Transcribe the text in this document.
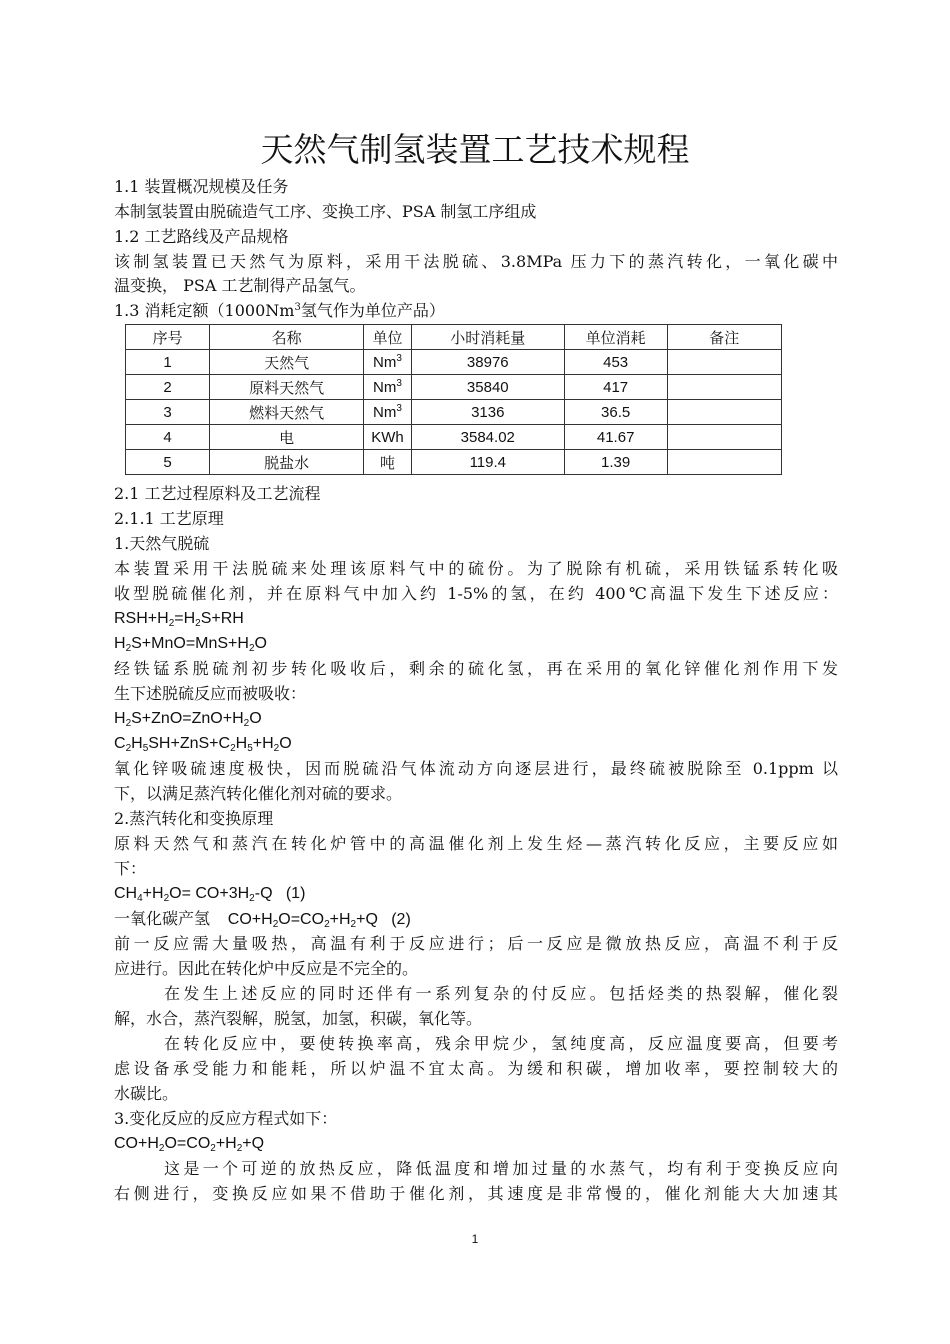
天然气制氢装置工艺技术规程
1.1 装置概况规模及任务
本制氢装置由脱硫造气工序、变换工序、PSA 制氢工序组成
1.2 工艺路线及产品规格
该制氢装置已天然气为原料，采用干法脱硫、3.8MPa 压力下的蒸汽转化，一氧化碳中
温变换， PSA 工艺制得产品氢气。
1.3 消耗定额（1000Nm$^3$氢气作为单位产品）
序号	名称	单位	小时消耗量	单位消耗	备注
1	天然气	Nm$^3$	38976	453	
2	原料天然气	Nm$^3$	35840	417	
3	燃料天然气	Nm$^3$	3136	36.5	
4	电	KWh	3584.02	41.67	
5	脱盐水	吨	119.4	1.39	
2.1 工艺过程原料及工艺流程
2.1.1 工艺原理
1.天然气脱硫
本装置采用干法脱硫来处理该原料气中的硫份。为了脱除有机硫，采用铁锰系转化吸
收型脱硫催化剂，并在原料气中加入约 1-5%的氢，在约 400℃高温下发生下述反应：
$RSH+H_2=H_2S+RH$
$H_2S+MnO=MnS+H_2O$
经铁锰系脱硫剂初步转化吸收后，剩余的硫化氢，再在采用的氧化锌催化剂作用下发
生下述脱硫反应而被吸收：
$H_2S+ZnO=ZnO+H_2O$
$C_2H_5SH+ZnS+C_2H_5+H_2O$
氧化锌吸硫速度极快，因而脱硫沿气体流动方向逐层进行，最终硫被脱除至 0.1ppm 以
下，以满足蒸汽转化催化剂对硫的要求。
2.蒸汽转化和变换原理
原料天然气和蒸汽在转化炉管中的高温催化剂上发生烃—蒸汽转化反应，主要反应如
下：
$CH_4+H_2O= CO+3H_2-Q$   (1)
一氧化碳产氢    $CO+H_2O=CO_2+H_2+Q$   (2)
前一反应需大量吸热，高温有利于反应进行；后一反应是微放热反应，高温不利于反
应进行。因此在转化炉中反应是不完全的。
在发生上述反应的同时还伴有一系列复杂的付反应。包括烃类的热裂解，催化裂
解，水合，蒸汽裂解，脱氢，加氢，积碳，氧化等。
在转化反应中，要使转换率高，残余甲烷少，氢纯度高，反应温度要高，但要考
虑设备承受能力和能耗，所以炉温不宜太高。为缓和积碳，增加收率，要控制较大的
水碳比。
3.变化反应的反应方程式如下：
$CO+H_2O=CO_2+H_2+Q$
这是一个可逆的放热反应，降低温度和增加过量的水蒸气，均有利于变换反应向
右侧进行，变换反应如果不借助于催化剂，其速度是非常慢的，催化剂能大大加速其
1
